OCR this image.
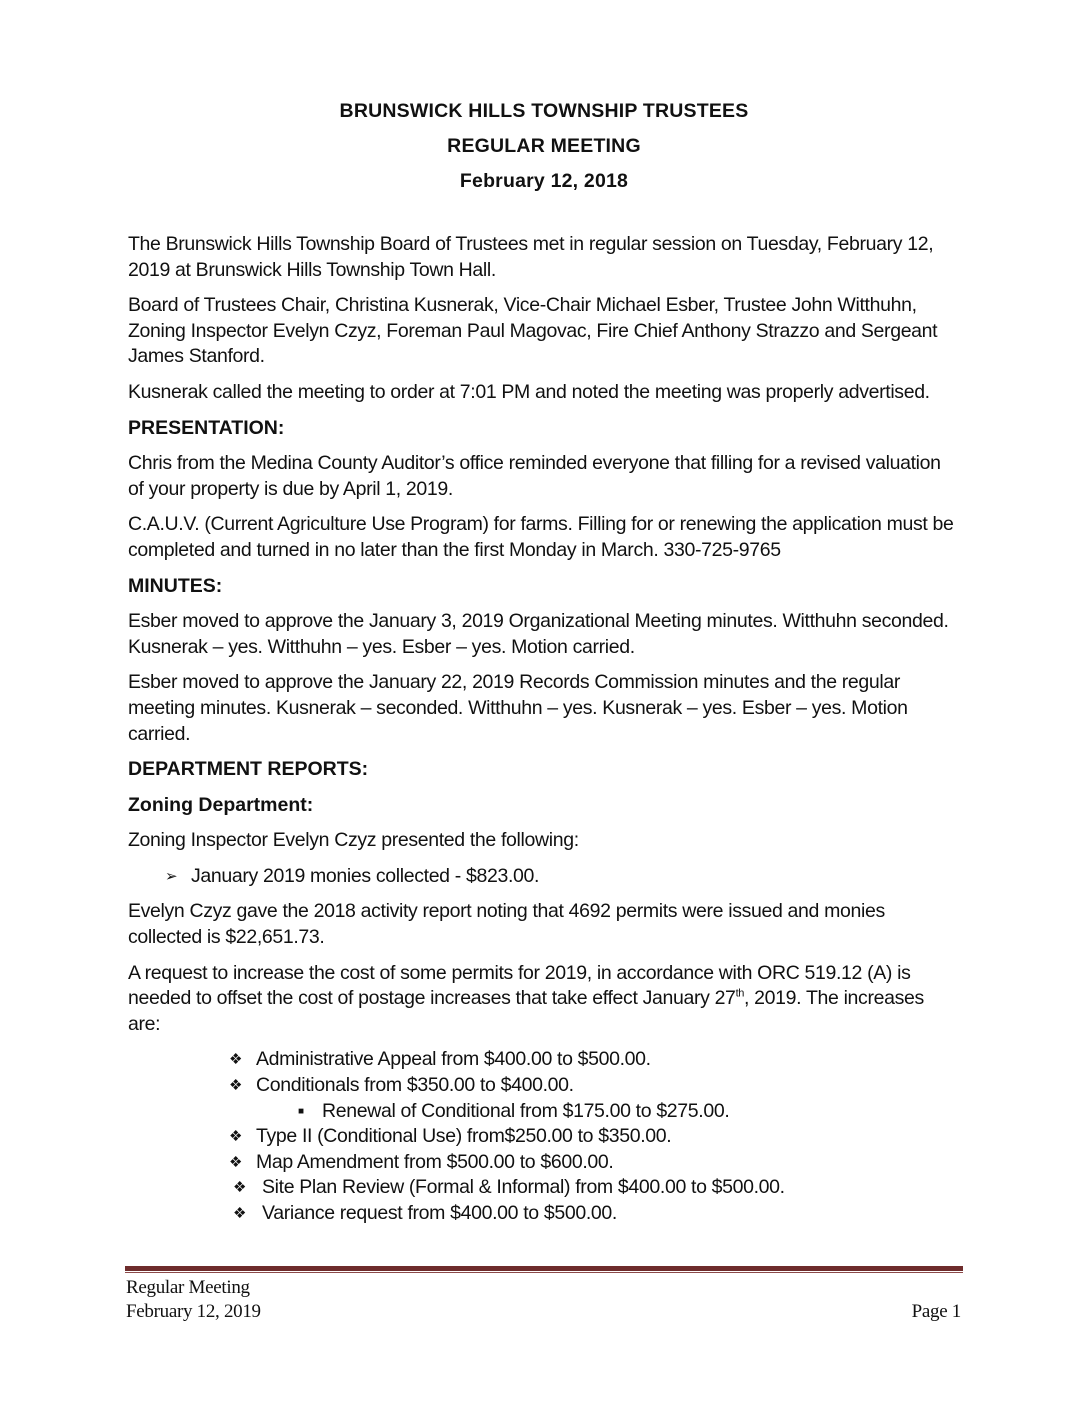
BRUNSWICK HILLS TOWNSHIP TRUSTEES
REGULAR MEETING
February 12, 2018

The Brunswick Hills Township Board of Trustees met in regular session on Tuesday, February 12, 2019 at Brunswick Hills Township Town Hall.

Board of Trustees Chair, Christina Kusnerak, Vice-Chair Michael Esber, Trustee John Witthuhn, Zoning Inspector Evelyn Czyz, Foreman Paul Magovac, Fire Chief Anthony Strazzo and Sergeant James Stanford.

Kusnerak called the meeting to order at 7:01 PM and noted the meeting was properly advertised.

PRESENTATION:

Chris from the Medina County Auditor’s office reminded everyone that filling for a revised valuation of your property is due by April 1, 2019.

C.A.U.V. (Current Agriculture Use Program) for farms. Filling for or renewing the application must be completed and turned in no later than the first Monday in March. 330-725-9765

MINUTES:

Esber moved to approve the January 3, 2019 Organizational Meeting minutes. Witthuhn seconded. Kusnerak – yes. Witthuhn – yes. Esber – yes. Motion carried.

Esber moved to approve the January 22, 2019 Records Commission minutes and the regular meeting minutes. Kusnerak – seconded. Witthuhn – yes. Kusnerak – yes. Esber – yes. Motion carried.

DEPARTMENT REPORTS:
Zoning Department:

Zoning Inspector Evelyn Czyz presented the following:

➢ January 2019 monies collected - $823.00.

Evelyn Czyz gave the 2018 activity report noting that 4692 permits were issued and monies collected is $22,651.73.

A request to increase the cost of some permits for 2019, in accordance with ORC 519.12 (A) is needed to offset the cost of postage increases that take effect January 27th, 2019. The increases are:

❖ Administrative Appeal from $400.00 to $500.00.
❖ Conditionals from $350.00 to $400.00.
■ Renewal of Conditional from $175.00 to $275.00.
❖ Type II (Conditional Use) from$250.00 to $350.00.
❖ Map Amendment from $500.00 to $600.00.
❖ Site Plan Review (Formal & Informal) from $400.00 to $500.00.
❖ Variance request from $400.00 to $500.00.
Regular Meeting
February 12, 2019	Page 1
